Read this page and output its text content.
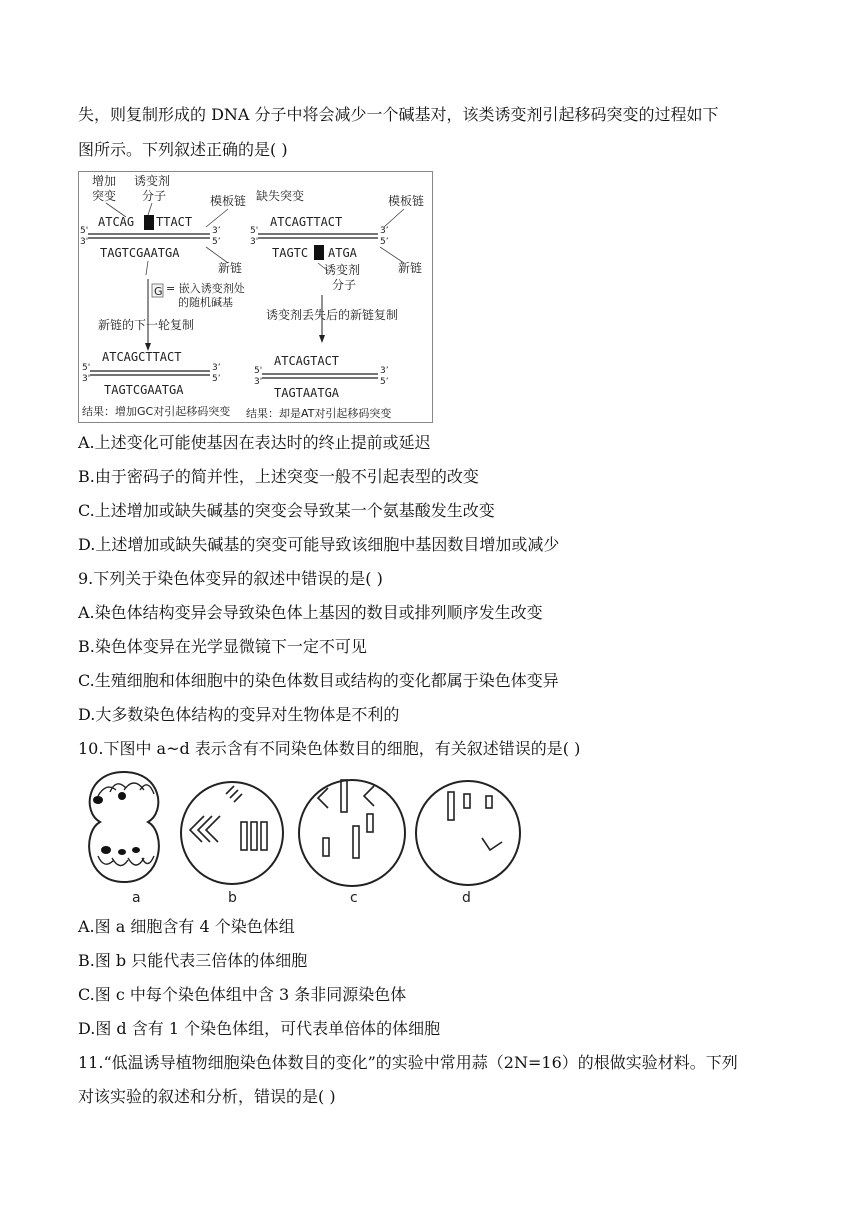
失，则复制形成的 DNA 分子中将会减少一个碱基对，该类诱变剂引起移码突变的过程如下
图所示。下列叙述正确的是( )
增加
突变
诱变剂
分子	模板链 缺失突变	模板链
ATCAG TTACT
TAGTCGAATGA
ATCAGTTACT
TAGTC ATGA
5'
3'
3’
5’
5'
3'
3’
5’
新链	新链
诱变剂
分子
G = 嵌入诱变剂处
的随机碱基
新链的下一轮复制
诱变剂丢失后的新链复制
ATCAGCTTACT
TAGTCGAATGA
ATCAGTACT
TAGTAATGA
5'
3'
3’
5’
5'
3'
3’
5’
结果：增加GC对引起移码突变 结果：却是AT对引起移码突变
A.上述变化可能使基因在表达时的终止提前或延迟
B.由于密码子的简并性，上述突变一般不引起表型的改变
C.上述增加或缺失碱基的突变会导致某一个氨基酸发生改变
D.上述增加或缺失碱基的突变可能导致该细胞中基因数目增加或减少
9.下列关于染色体变异的叙述中错误的是( )
A.染色体结构变异会导致染色体上基因的数目或排列顺序发生改变
B.染色体变异在光学显微镜下一定不可见
C.生殖细胞和体细胞中的染色体数目或结构的变化都属于染色体变异
D.大多数染色体结构的变异对生物体是不利的
10.下图中 a~d 表示含有不同染色体数目的细胞，有关叙述错误的是( )
a	b	c	d
A.图 a 细胞含有 4 个染色体组
B.图 b 只能代表三倍体的体细胞
C.图 c 中每个染色体组中含 3 条非同源染色体
D.图 d 含有 1 个染色体组，可代表单倍体的体细胞
11.“低温诱导植物细胞染色体数目的变化”的实验中常用蒜（2N=16）的根做实验材料。下列
对该实验的叙述和分析，错误的是( )
